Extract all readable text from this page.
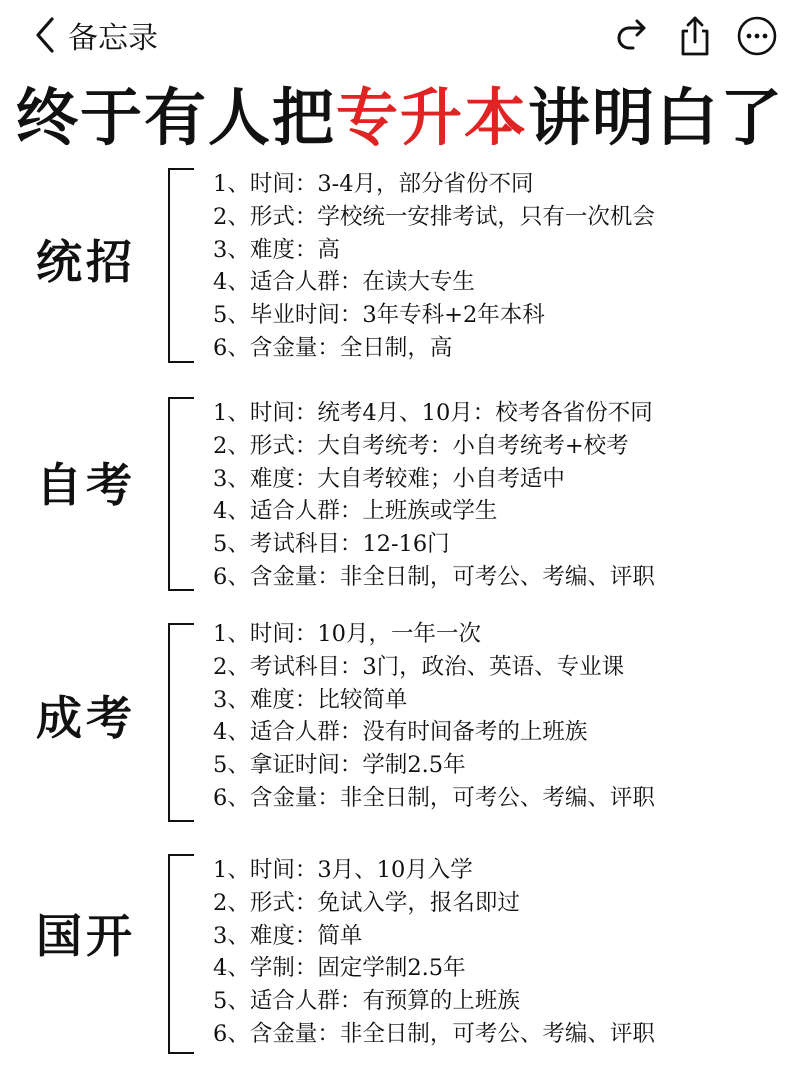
备忘录
终于有人把专升本讲明白了
统招
1、时间：3-4月，部分省份不同
2、形式：学校统一安排考试，只有一次机会
3、难度：高
4、适合人群：在读大专生
5、毕业时间：3年专科+2年本科
6、含金量：全日制，高
自考
1、时间：统考4月、10月：校考各省份不同
2、形式：大自考统考：小自考统考+校考
3、难度：大自考较难；小自考适中
4、适合人群：上班族或学生
5、考试科目：12-16门
6、含金量：非全日制，可考公、考编、评职
成考
1、时间：10月，一年一次
2、考试科目：3门，政治、英语、专业课
3、难度：比较简单
4、适合人群：没有时间备考的上班族
5、拿证时间：学制2.5年
6、含金量：非全日制，可考公、考编、评职
国开
1、时间：3月、10月入学
2、形式：免试入学，报名即过
3、难度：简单
4、学制：固定学制2.5年
5、适合人群：有预算的上班族
6、含金量：非全日制，可考公、考编、评职
